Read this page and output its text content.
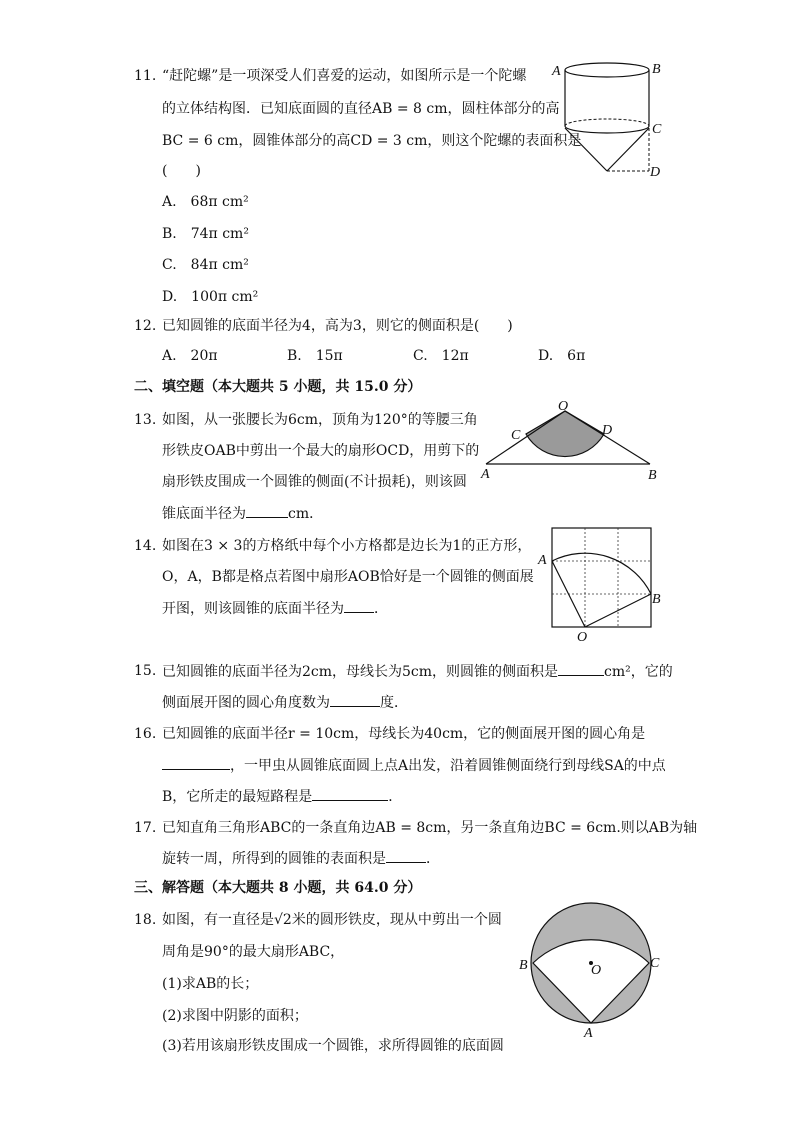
11. “赶陀螺”是一项深受人们喜爱的运动，如图所示是一个陀螺
的立体结构图．已知底面圆的直径AB = 8 cm，圆柱体部分的高
BC = 6 cm，圆锥体部分的高CD = 3 cm，则这个陀螺的表面积是
(　　)
A.　68π cm²
B.　74π cm²
C.　84π cm²
D.　100π cm²
A	B
C
D
12. 已知圆锥的底面半径为4，高为3，则它的侧面积是(　　)
A.　20π	B.　15π	C.　12π	D.　6π
二、填空题（本大题共 5 小题，共 15.0 分）
13. 如图，从一张腰长为6cm，顶角为120°的等腰三角
形铁皮OAB中剪出一个最大的扇形OCD，用剪下的
扇形铁皮围成一个圆锥的侧面(不计损耗)，则该圆
锥底面半径为	cm．
O
C	D
A	B
14. 如图在3 × 3的方格纸中每个小方格都是边长为1的正方形，
O，A，B都是格点若图中扇形AOB恰好是一个圆锥的侧面展
开图，则该圆锥的底面半径为 ．
A
B
O
15. 已知圆锥的底面半径为2cm，母线长为5cm，则圆锥的侧面积是	cm²，它的
侧面展开图的圆心角度数为	度．
16. 已知圆锥的底面半径r = 10cm，母线长为40cm，它的侧面展开图的圆心角是
，一甲虫从圆锥底面圆上点A出发，沿着圆锥侧面绕行到母线SA的中点
B，它所走的最短路程是	．
17. 已知直角三角形ABC的一条直角边AB = 8cm，另一条直角边BC = 6cm.则以AB为轴
旋转一周，所得到的圆锥的表面积是	．
三、解答题（本大题共 8 小题，共 64.0 分）
18. 如图，有一直径是√2米的圆形铁皮，现从中剪出一个圆
周角是90°的最大扇形ABC，
(1)求AB的长；
(2)求图中阴影的面积；
(3)若用该扇形铁皮围成一个圆锥，求所得圆锥的底面圆
B	C
O
A
